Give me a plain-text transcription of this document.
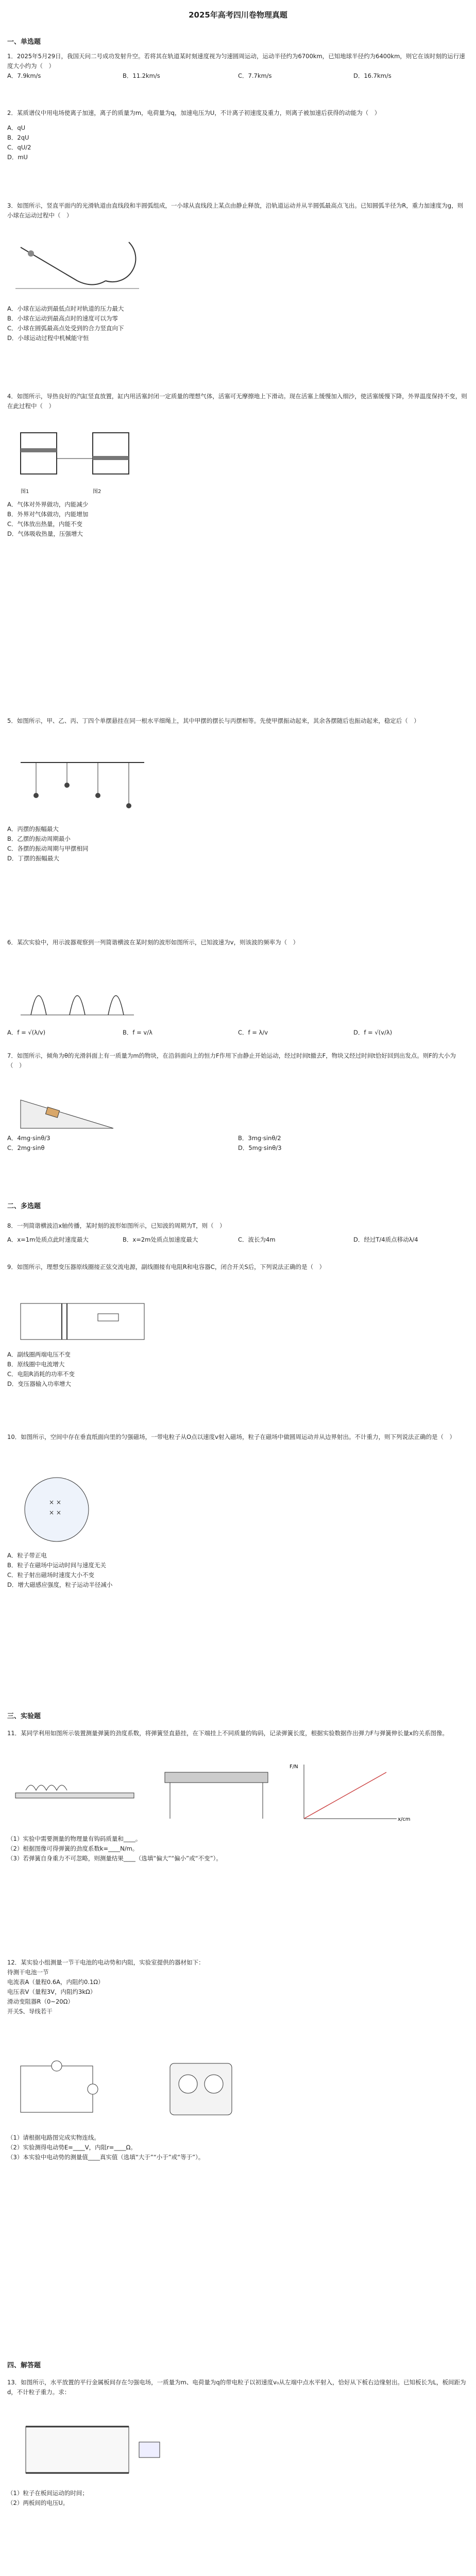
2025年高考四川卷物理真题
一、单选题

1．2025年5月29日，我国天问二号成功发射升空。若将其在轨道某时刻速度视为匀速圆周运动，运动半径约为6700km，已知地球半径约为6400km，则它在该时刻的运行速度大小约为（　）

A．7.9km/s	B．11.2km/s	C．7.7km/s	D．16.7km/s

2．某质谱仪中用电场使离子加速，离子的质量为m，电荷量为q，加速电压为U，不计离子初速度及重力，则离子被加速后获得的动能为（　）

A．qU
B．2qU
C．qU/2
D．mU

3．如图所示，竖直平面内的光滑轨道由直线段和半圆弧组成，一小球从直线段上某点由静止释放，沿轨道运动并从半圆弧最高点飞出。已知圆弧半径为R，重力加速度为g，则小球在运动过程中（　）

A．小球在运动到最低点时对轨道的压力最大
B．小球在运动到最高点时的速度可以为零
C．小球在圆弧最高点处受到的合力竖直向下
D．小球运动过程中机械能守恒

4．如图所示，导热良好的汽缸竖直放置，缸内用活塞封闭一定质量的理想气体，活塞可无摩擦地上下滑动。现在活塞上缓慢加入细沙，使活塞缓慢下降，外界温度保持不变，则在此过程中（　）

图1	图2
A．气体对外界做功，内能减少
B．外界对气体做功，内能增加
C．气体放出热量，内能不变
D．气体吸收热量，压强增大

5．如图所示，甲、乙、丙、丁四个单摆悬挂在同一根水平细绳上，其中甲摆的摆长与丙摆相等。先使甲摆振动起来，其余各摆随后也振动起来，稳定后（　）

A．丙摆的振幅最大
B．乙摆的振动周期最小
C．各摆的振动周期与甲摆相同
D．丁摆的振幅最大

6．某次实验中，用示波器观察到一列简谐横波在某时刻的波形如图所示，已知波速为v，则该波的频率为（　）

A．f = √(λ/v)	B．f = v/λ	C．f = λ/v	D．f = √(v/λ)

7．如图所示，倾角为θ的光滑斜面上有一质量为m的物块，在沿斜面向上的恒力F作用下由静止开始运动，经过时间t撤去F，物块又经过时间t恰好回到出发点。则F的大小为（　）

A．4mg·sinθ/3	B．3mg·sinθ/2
C．2mg·sinθ	D．5mg·sinθ/3
二、多选题

8．一列简谐横波沿x轴传播，某时刻的波形如图所示，已知波的周期为T，则（　）

A．x=1m处质点此时速度最大	B．x=2m处质点加速度最大	C．波长为4m	D．经过T/4质点移动λ/4

9．如图所示，理想变压器原线圈接正弦交流电源，副线圈接有电阻R和电容器C，闭合开关S后，下列说法正确的是（　）

A．副线圈两端电压不变
B．原线圈中电流增大
C．电阻R消耗的功率不变
D．变压器输入功率增大

10．如图所示，空间中存在垂直纸面向里的匀强磁场，一带电粒子从O点以速度v射入磁场，粒子在磁场中做圆周运动并从边界射出。不计重力，则下列说法正确的是（　）

× ×
× ×
A．粒子带正电
B．粒子在磁场中运动时间与速度无关
C．粒子射出磁场时速度大小不变
D．增大磁感应强度，粒子运动半径减小
三、实验题

11．某同学利用如图所示装置测量弹簧的劲度系数，将弹簧竖直悬挂，在下端挂上不同质量的钩码，记录弹簧长度，根据实验数据作出弹力F与弹簧伸长量x的关系图像。

x/cm
F/N

（1）实验中需要测量的物理量有钩码质量和____。

（2）根据图像可得弹簧的劲度系数k=____N/m。

（3）若弹簧自身重力不可忽略，则测量结果____（选填“偏大”“偏小”或“不变”）。

12．某实验小组测量一节干电池的电动势和内阻，实验室提供的器材如下：

待测干电池一节

电流表A（量程0.6A，内阻约0.1Ω）

电压表V（量程3V，内阻约3kΩ）

滑动变阻器R（0~20Ω）

开关S、导线若干

（1）请根据电路图完成实物连线。

（2）实验测得电动势E=____V，内阻r=____Ω。

（3）本实验中电动势的测量值____真实值（选填“大于”“小于”或“等于”）。

四、解答题

13．如图所示，水平放置的平行金属板间存在匀强电场，一质量为m、电荷量为q的带电粒子以初速度v₀从左端中点水平射入，恰好从下板右边缘射出。已知板长为L，板间距为d，不计粒子重力。求：

（1）粒子在板间运动的时间；

（2）两板间的电压U。
